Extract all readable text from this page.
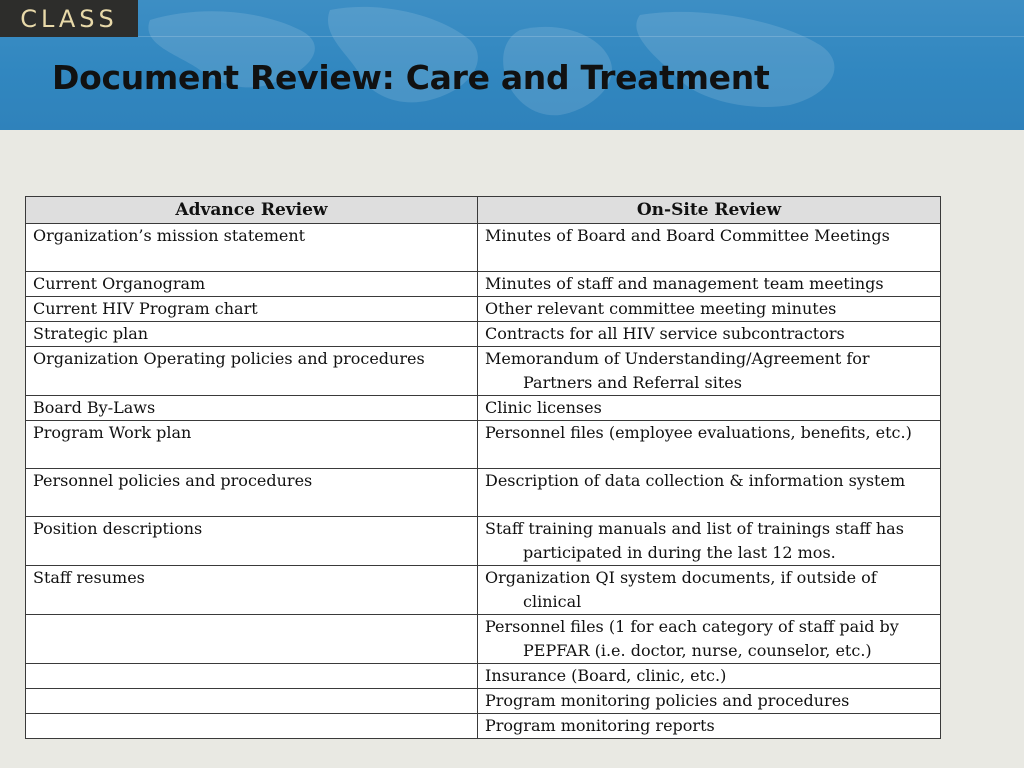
CLASS
Document Review: Care and Treatment
Advance Review	On-Site Review
Organization’s mission statement	Minutes of Board and Board Committee Meetings

Current Organogram	Minutes of staff and management team meetings

Current HIV Program chart	Other relevant committee meeting minutes

Strategic plan	Contracts for all HIV service subcontractors

Organization Operating policies and procedures	Memorandum of Understanding/Agreement for Partners and Referral sites

Board By-Laws	Clinic licenses

Program Work plan	Personnel files (employee evaluations, benefits, etc.)

Personnel policies and procedures	Description of data collection & information system

Position descriptions	Staff training manuals and list of trainings staff has participated in during the last 12 mos.

Staff resumes	Organization QI system documents, if outside of clinical

	Personnel files (1 for each category of staff paid by PEPFAR (i.e. doctor, nurse, counselor, etc.)

	Insurance (Board, clinic, etc.)

	Program monitoring policies and procedures

	Program monitoring reports
